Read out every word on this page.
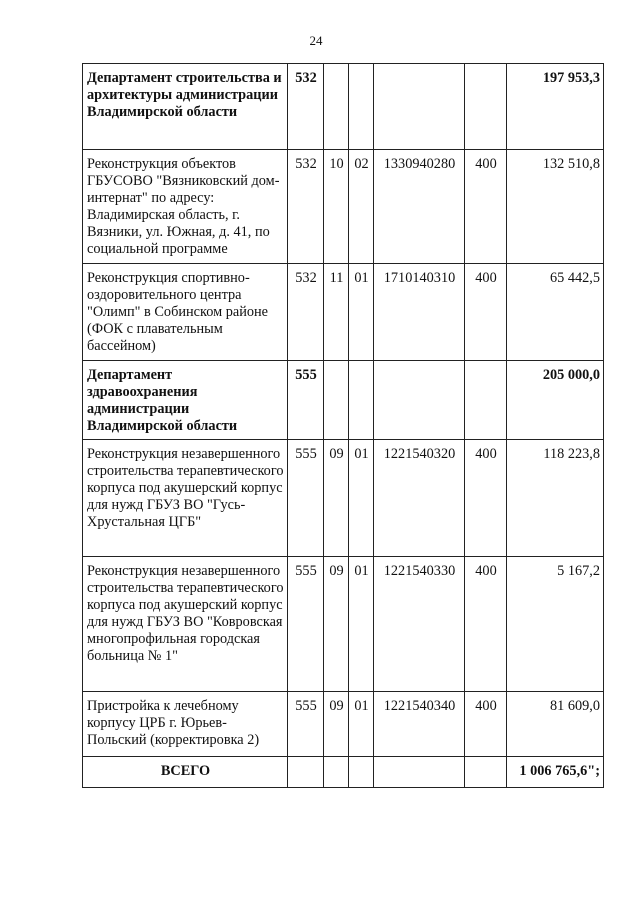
24
Департамент строительства и архитектуры администрации Владимирской области	532					197 953,3
Реконструкция объектов ГБУСОВО "Вязниковский дом-интернат" по адресу: Владимирская область, г. Вязники, ул. Южная, д. 41, по социальной программе	532	10	02	1330940280	400	132 510,8
Реконструкция спортивно-оздоровительного центра "Олимп" в Собинском районе (ФОК с плавательным бассейном)	532	11	01	1710140310	400	65 442,5
Департамент здравоохранения администрации Владимирской области	555					205 000,0
Реконструкция незавершенного строительства терапевтического корпуса под акушерский корпус для нужд ГБУЗ ВО "Гусь-Хрустальная ЦГБ"	555	09	01	1221540320	400	118 223,8
Реконструкция незавершенного строительства терапевтического корпуса под акушерский корпус для нужд ГБУЗ ВО "Ковровская многопрофильная городская больница № 1"	555	09	01	1221540330	400	5 167,2
Пристройка к лечебному корпусу ЦРБ г. Юрьев-Польский (корректировка 2)	555	09	01	1221540340	400	81 609,0
ВСЕГО						1 006 765,6";
